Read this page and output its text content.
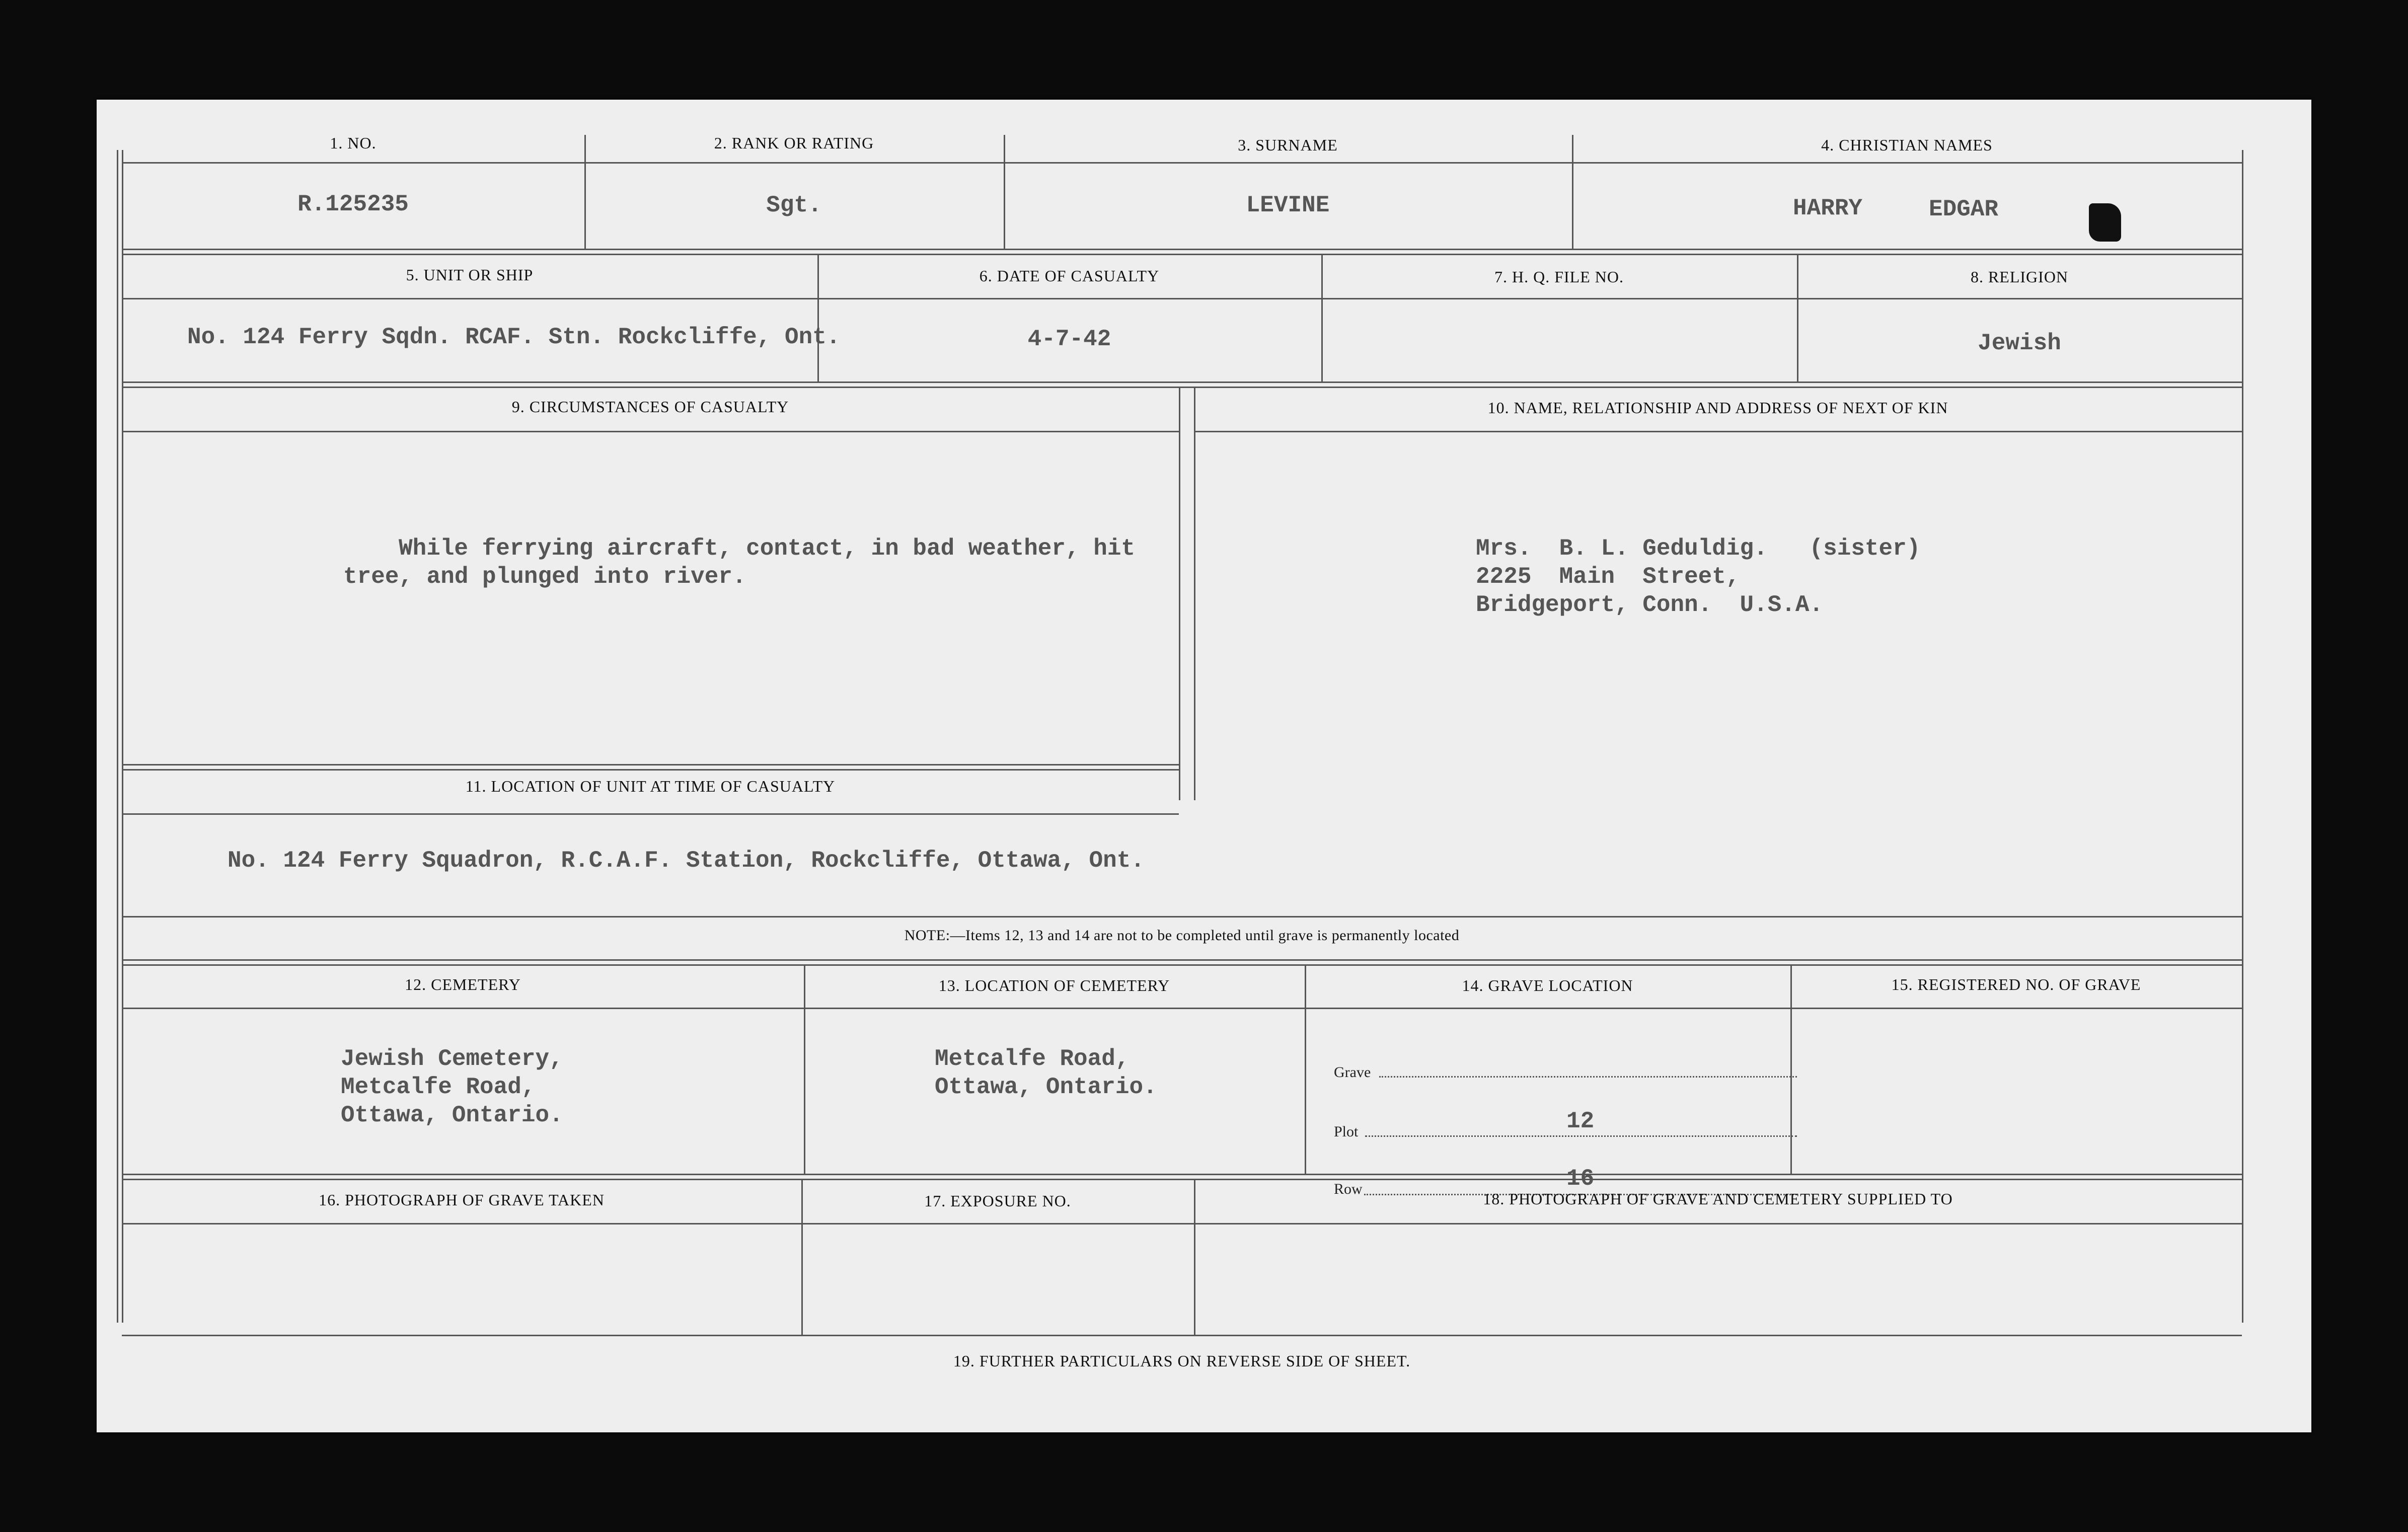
1. NO.
R.125235
2. RANK OR RATING
Sgt.
3. SURNAME
LEVINE
4. CHRISTIAN NAMES
HARRY	EDGAR
5. UNIT OR SHIP
No. 124 Ferry Sqdn. RCAF. Stn. Rockcliffe, Ont.
6. DATE OF CASUALTY
4-7-42
7. H. Q. FILE NO.	8. RELIGION
Jewish
9. CIRCUMSTANCES OF CASUALTY
While ferrying aircraft, contact, in bad weather, hit
tree, and plunged into river.
10. NAME, RELATIONSHIP AND ADDRESS OF NEXT OF KIN
Mrs.  B. L. Geduldig.   (sister)
2225  Main  Street,
Bridgeport, Conn.  U.S.A.
11. LOCATION OF UNIT AT TIME OF CASUALTY
No. 124 Ferry Squadron, R.C.A.F. Station, Rockcliffe, Ottawa, Ont.
NOTE:—Items 12, 13 and 14 are not to be completed until grave is permanently located
12. CEMETERY
Jewish Cemetery,
Metcalfe Road,
Ottawa, Ontario.
13. LOCATION OF CEMETERY
Metcalfe Road,
Ottawa, Ontario.
14. GRAVE LOCATION
Grave
Plot	12
Row	16
15. REGISTERED NO. OF GRAVE
16. PHOTOGRAPH OF GRAVE TAKEN	17. EXPOSURE NO.	18. PHOTOGRAPH OF GRAVE AND CEMETERY SUPPLIED TO
19. FURTHER PARTICULARS ON REVERSE SIDE OF SHEET.
